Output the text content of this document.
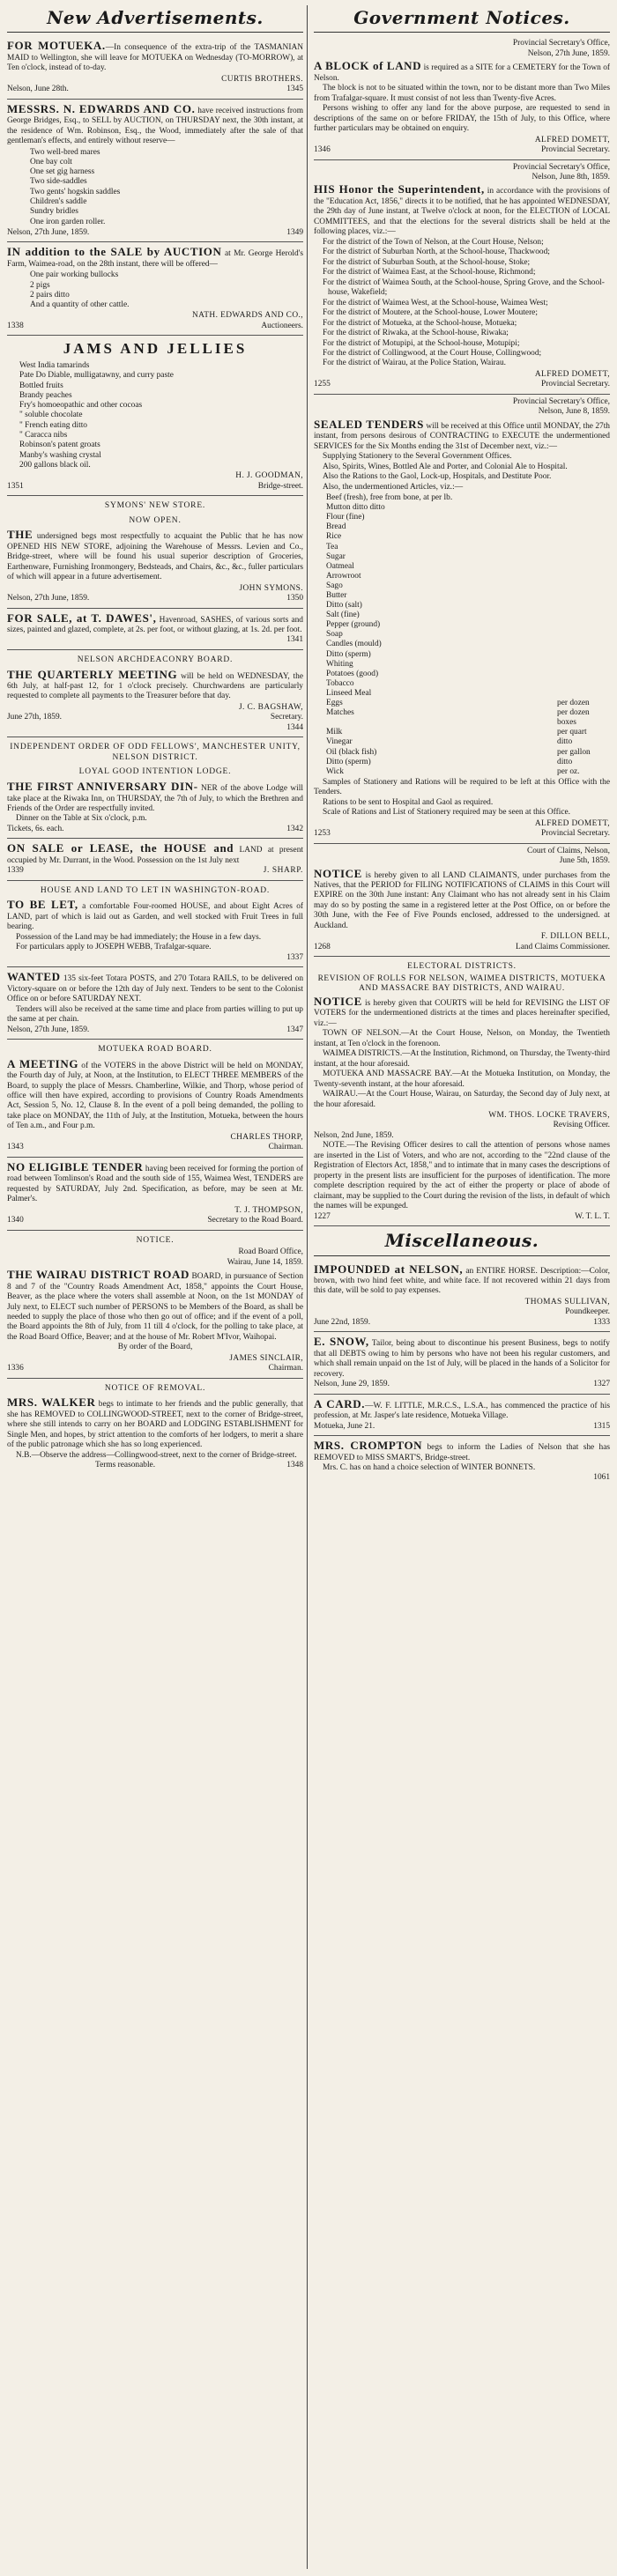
New Advertisements.

FOR MOTUEKA.—In consequence of the extra-trip of the TASMANIAN MAID to Wellington, she will leave for MOTUEKA on Wednesday (TO-MORROW), at Ten o'clock, instead of to-day.

CURTIS BROTHERS.
Nelson, June 28th.	1345

MESSRS. N. EDWARDS AND CO. have received instructions from George Bridges, Esq., to SELL by AUCTION, on THURSDAY next, the 30th instant, at the residence of Wm. Robinson, Esq., the Wood, immediately after the sale of that gentleman's effects, and entirely without reserve—

Two well-bred mares
One bay colt
One set gig harness
Two side-saddles
Two gents' hogskin saddles
Children's saddle
Sundry bridles
One iron garden roller.
Nelson, 27th June, 1859.	1349

IN addition to the SALE by AUCTION at Mr. George Herold's Farm, Waimea-road, on the 28th instant, there will be offered—

One pair working bullocks
2 pigs
2 pairs ditto
And a quantity of other cattle.
NATH. EDWARDS AND CO.,
1338	Auctioneers.
JAMS AND JELLIES
West India tamarinds
Pate Do Diable, mulligatawny, and curry paste
Bottled fruits
Brandy peaches
Fry's homoeopathic and other cocoas
" soluble chocolate
" French eating ditto
" Caracca nibs
Robinson's patent groats
Manby's washing crystal
200 gallons black oil.
H. J. GOODMAN,
1351	Bridge-street.
SYMONS' NEW STORE.
NOW OPEN.

THE undersigned begs most respectfully to acquaint the Public that he has now OPENED HIS NEW STORE, adjoining the Warehouse of Messrs. Levien and Co., Bridge-street, where will be found his usual superior description of Groceries, Earthenware, Furnishing Ironmongery, Bedsteads, and Chairs, &c., &c., fuller particulars of which will appear in a future advertisement.

JOHN SYMONS.
Nelson, 27th June, 1859.	1350

FOR SALE, at T. DAWES', Havenroad, SASHES, of various sorts and sizes, painted and glazed, complete, at 2s. per foot, or without glazing, at 1s. 2d. per foot.

1341
NELSON ARCHDEACONRY BOARD.

THE QUARTERLY MEETING will be held on WEDNESDAY, the 6th July, at half-past 12, for 1 o'clock precisely. Churchwardens are particularly requested to complete all payments to the Treasurer before that day.

J. C. BAGSHAW,
June 27th, 1859.	Secretary.
1344
INDEPENDENT ORDER OF ODD FELLOWS', MANCHESTER UNITY, NELSON DISTRICT.
LOYAL GOOD INTENTION LODGE.

THE FIRST ANNIVERSARY DIN- NER of the above Lodge will take place at the Riwaka Inn, on THURSDAY, the 7th of July, to which the Brethren and Friends of the Order are respectfully invited.

Dinner on the Table at Six o'clock, p.m.

Tickets, 6s. each.	1342

ON SALE or LEASE, the HOUSE and LAND at present occupied by Mr. Durrant, in the Wood. Possession on the 1st July next

1339	J. SHARP.
HOUSE AND LAND TO LET IN WASHINGTON-ROAD.

TO BE LET, a comfortable Four-roomed HOUSE, and about Eight Acres of LAND, part of which is laid out as Garden, and well stocked with Fruit Trees in full bearing.

Possession of the Land may be had immediately; the House in a few days.

For particulars apply to JOSEPH WEBB, Trafalgar-square.

1337

WANTED 135 six-feet Totara POSTS, and 270 Totara RAILS, to be delivered on Victory-square on or before the 12th day of July next. Tenders to be sent to the Colonist Office on or before SATURDAY NEXT.

Tenders will also be received at the same time and place from parties willing to put up the same at per chain.

Nelson, 27th June, 1859.	1347
MOTUEKA ROAD BOARD.

A MEETING of the VOTERS in the above District will be held on MONDAY, the Fourth day of July, at Noon, at the Institution, to ELECT THREE MEMBERS of the Board, to supply the place of Messrs. Chamberline, Wilkie, and Thorp, whose period of office will then have expired, according to provisions of Country Roads Amendments Act, Session 5, No. 12, Clause 8. In the event of a poll being demanded, the polling to take place on MONDAY, the 11th of July, at the Institution, Motueka, between the hours of Ten a.m., and Four p.m.

CHARLES THORP,
1343	Chairman.

NO ELIGIBLE TENDER having been received for forming the portion of road between Tomlinson's Road and the south side of 155, Waimea West, TENDERS are requested by SATURDAY, July 2nd. Specification, as before, may be seen at Mr. Palmer's.

T. J. THOMPSON,
1340	Secretary to the Road Board.
NOTICE.
Road Board Office,
Wairau, June 14, 1859.

THE WAIRAU DISTRICT ROAD BOARD, in pursuance of Section 8 and 7 of the "Country Roads Amendment Act, 1858," appoints the Court House, Beaver, as the place where the voters shall assemble at Noon, on the 1st MONDAY of July next, to ELECT such number of PERSONS to be Members of the Board, as shall be needed to supply the place of those who then go out of office; and if the event of a poll, the Board appoints the 8th of July, from 11 till 4 o'clock, for the polling to take place, at the Road Board Office, Beaver; and at the house of Mr. Robert M'Ivor, Waihopai.

By order of the Board,

JAMES SINCLAIR,
1336	Chairman.
NOTICE OF REMOVAL.

MRS. WALKER begs to intimate to her friends and the public generally, that she has REMOVED to COLLINGWOOD-STREET, next to the corner of Bridge-street, where she still intends to carry on her BOARD and LODGING ESTABLISHMENT for Single Men, and hopes, by strict attention to the comforts of her lodgers, to merit a share of the public patronage which she has so long experienced.

N.B.—Observe the address—Collingwood-street, next to the corner of Bridge-street.

Terms reasonable.	1348
Government Notices.
Provincial Secretary's Office,
Nelson, 27th June, 1859.

A BLOCK of LAND is required as a SITE for a CEMETERY for the Town of Nelson.

The block is not to be situated within the town, nor to be distant more than Two Miles from Trafalgar-square. It must consist of not less than Twenty-five Acres.

Persons wishing to offer any land for the above purpose, are requested to send in descriptions of the same on or before FRIDAY, the 15th of July, to this Office, where further particulars may be obtained on enquiry.

ALFRED DOMETT,
1346	Provincial Secretary.
Provincial Secretary's Office,
Nelson, June 8th, 1859.

HIS Honor the Superintendent, in accordance with the provisions of the "Education Act, 1856," directs it to be notified, that he has appointed WEDNESDAY, the 29th day of June instant, at Twelve o'clock at noon, for the ELECTION of LOCAL COMMITTEES, and that the elections for the several districts shall be held at the following places, viz.:—

For the district of the Town of Nelson, at the Court House, Nelson;
For the district of Suburban North, at the School-house, Thackwood;
For the district of Suburban South, at the School-house, Stoke;
For the district of Waimea East, at the School-house, Richmond;
For the district of Waimea South, at the School-house, Spring Grove, and the School-house, Wakefield;
For the district of Waimea West, at the School-house, Waimea West;
For the district of Moutere, at the School-house, Lower Moutere;
For the district of Motueka, at the School-house, Motueka;
For the district of Riwaka, at the School-house, Riwaka;
For the district of Motupipi, at the School-house, Motupipi;
For the district of Collingwood, at the Court House, Collingwood;
For the district of Wairau, at the Police Station, Wairau.
ALFRED DOMETT,
1255	Provincial Secretary.
Provincial Secretary's Office,
Nelson, June 8, 1859.

SEALED TENDERS will be received at this Office until MONDAY, the 27th instant, from persons desirous of CONTRACTING to EXECUTE the undermentioned SERVICES for the Six Months ending the 31st of December next, viz.:—

Supplying Stationery to the Several Government Offices.

Also, Spirits, Wines, Bottled Ale and Porter, and Colonial Ale to Hospital.

Also the Rations to the Gaol, Lock-up, Hospitals, and Destitute Poor.

Also, the undermentioned Articles, viz.:—

Beef (fresh), free from bone, at per lb.
Mutton ditto ditto
Flour (fine)
Bread
Rice
Tea
Sugar
Oatmeal
Arrowroot
Sago
Butter
Ditto (salt)
Salt (fine)
Pepper (ground)
Soap
Candles (mould)
Ditto (sperm)
Whiting
Potatoes (good)
Tobacco
Linseed Meal
Eggs	per dozen
Matches	per dozen boxes
Milk	per quart
Vinegar	ditto
Oil (black fish)	per gallon
Ditto (sperm)	ditto
Wick	per oz.

Samples of Stationery and Rations will be required to be left at this Office with the Tenders.

Rations to be sent to Hospital and Gaol as required.

Scale of Rations and List of Stationery required may be seen at this Office.

ALFRED DOMETT,
1253	Provincial Secretary.
Court of Claims, Nelson,
June 5th, 1859.

NOTICE is hereby given to all LAND CLAIMANTS, under purchases from the Natives, that the PERIOD for FILING NOTIFICATIONS of CLAIMS in this Court will EXPIRE on the 30th June instant: Any Claimant who has not already sent in his Claim may do so by posting the same in a registered letter at the Post Office, on or before the 30th June, with the Fee of Five Pounds enclosed, addressed to the undersigned. at Auckland.

F. DILLON BELL,
1268	Land Claims Commissioner.
ELECTORAL DISTRICTS.

REVISION OF ROLLS FOR NELSON, WAIMEA DISTRICTS, MOTUEKA AND MASSACRE BAY DISTRICTS, AND WAIRAU.

NOTICE is hereby given that COURTS will be held for REVISING the LIST OF VOTERS for the undermentioned districts at the times and places hereinafter specified, viz.:—

TOWN OF NELSON.—At the Court House, Nelson, on Monday, the Twentieth instant, at Ten o'clock in the forenoon.

WAIMEA DISTRICTS.—At the Institution, Richmond, on Thursday, the Twenty-third instant, at the hour aforesaid.

MOTUEKA AND MASSACRE BAY.—At the Motueka Institution, on Monday, the Twenty-seventh instant, at the hour aforesaid.

WAIRAU.—At the Court House, Wairau, on Saturday, the Second day of July next, at the hour aforesaid.

WM. THOS. LOCKE TRAVERS,
Revising Officer.

Nelson, 2nd June, 1859.

NOTE.—The Revising Officer desires to call the attention of persons whose names are inserted in the List of Voters, and who are not, according to the "22nd clause of the Registration of Electors Act, 1858," and to intimate that in many cases the descriptions of property in the present lists are insufficient for the purposes of identification. The more complete description required by the act of either the property or place of abode of claimant, may be supplied to the Court during the revision of the lists, in default of which the names will be expunged.

1227	W. T. L. T.
Miscellaneous.

IMPOUNDED at NELSON, an ENTIRE HORSE. Description:—Color, brown, with two hind feet white, and white face. If not recovered within 21 days from this date, will be sold to pay expenses.

THOMAS SULLIVAN,
Poundkeeper.
June 22nd, 1859.	1333

E. SNOW, Tailor, being about to discontinue his present Business, begs to notify that all DEBTS owing to him by persons who have not been his regular customers, and which shall remain unpaid on the 1st of July, will be placed in the hands of a Solicitor for recovery.

Nelson, June 29, 1859.	1327

A CARD.—W. F. LITTLE, M.R.C.S., L.S.A., has commenced the practice of his profession, at Mr. Jasper's late residence, Motueka Village.

Motueka, June 21.	1315

MRS. CROMPTON begs to inform the Ladies of Nelson that she has REMOVED to MISS SMART'S, Bridge-street.

Mrs. C. has on hand a choice selection of WINTER BONNETS.

1061
